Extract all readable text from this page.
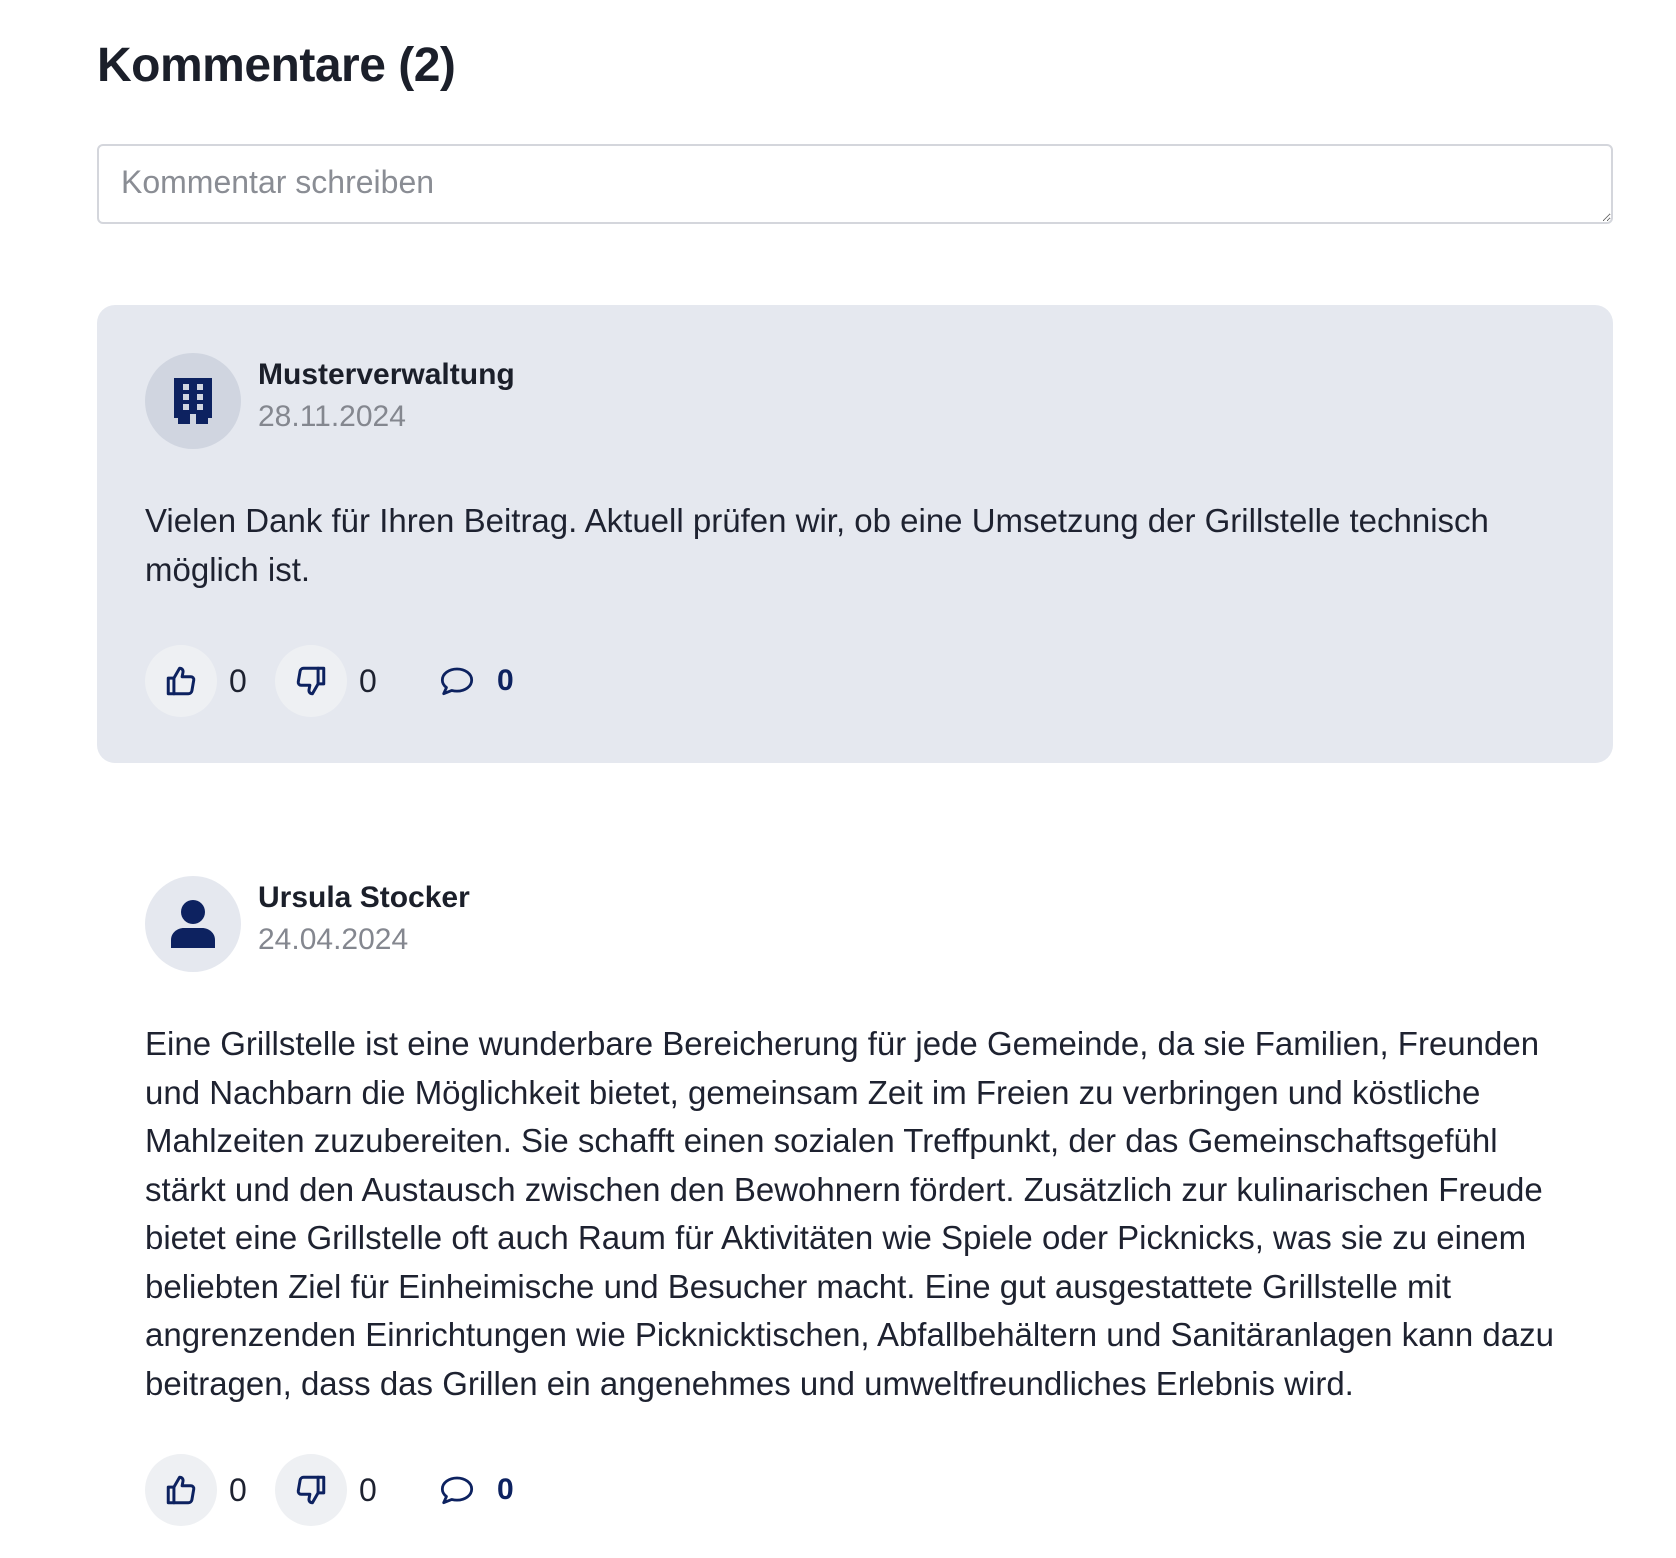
Kommentare (2)
Kommentar schreiben
Musterverwaltung
28.11.2024

Vielen Dank für Ihren Beitrag. Aktuell prüfen wir, ob eine Umsetzung der Grillstelle technisch möglich ist.

0	0	0
Ursula Stocker
24.04.2024

Eine Grillstelle ist eine wunderbare Bereicherung für jede Gemeinde, da sie Familien, Freunden und Nachbarn die Möglichkeit bietet, gemeinsam Zeit im Freien zu verbringen und köstliche Mahlzeiten zuzubereiten. Sie schafft einen sozialen Treffpunkt, der das Gemeinschaftsgefühl stärkt und den Austausch zwischen den Bewohnern fördert. Zusätzlich zur kulinarischen Freude bietet eine Grillstelle oft auch Raum für Aktivitäten wie Spiele oder Picknicks, was sie zu einem beliebten Ziel für Einheimische und Besucher macht. Eine gut ausgestattete Grillstelle mit angrenzenden Einrichtungen wie Picknicktischen, Abfallbehältern und Sanitäranlagen kann dazu beitragen, dass das Grillen ein angenehmes und umweltfreundliches Erlebnis wird.

0	0	0
